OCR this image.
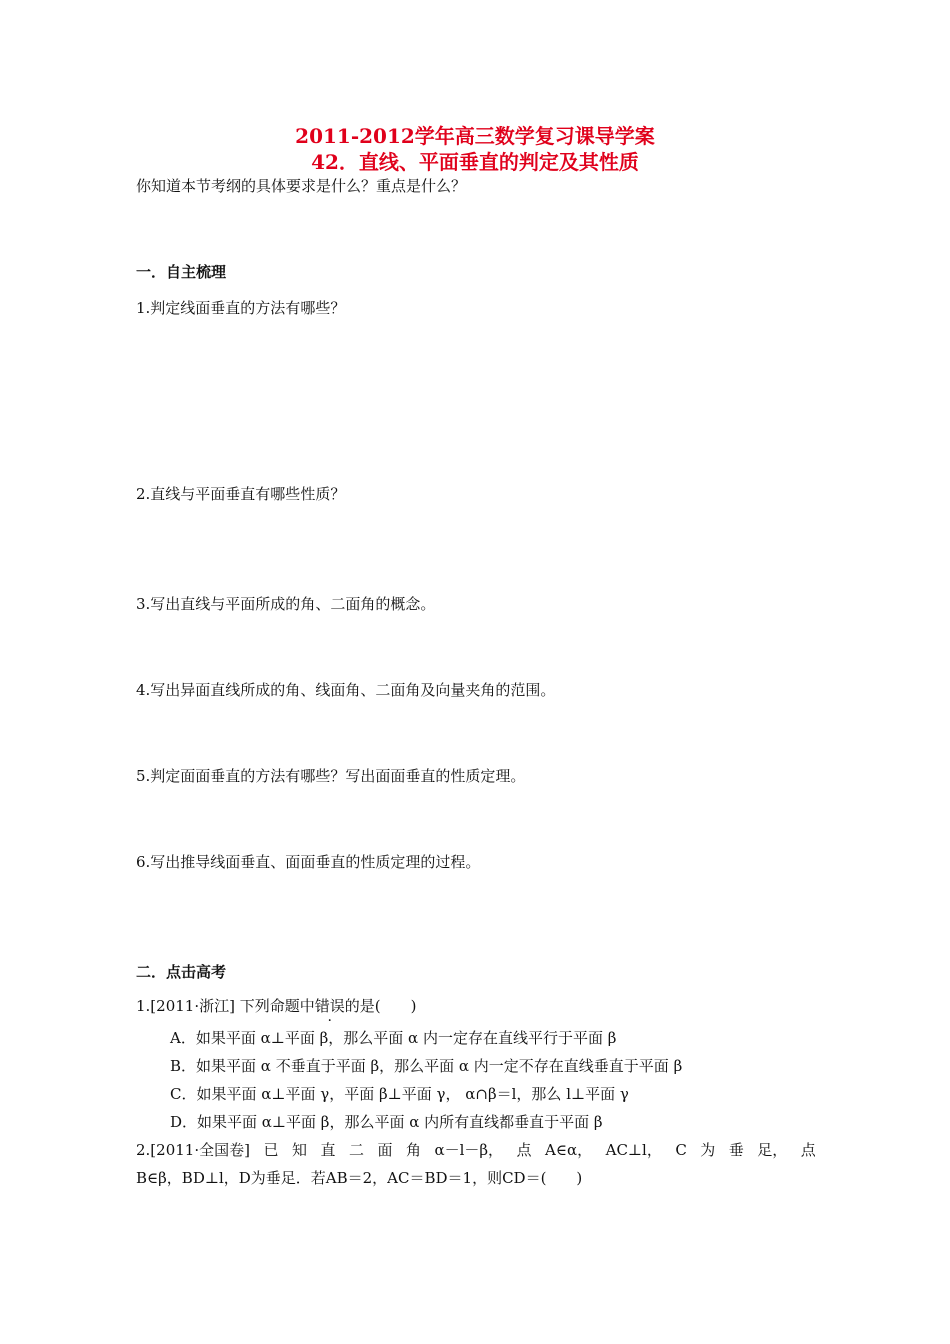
2011-2012学年高三数学复习课导学案
42．直线、平面垂直的判定及其性质
你知道本节考纲的具体要求是什么？重点是什么？
一．自主梳理
1.判定线面垂直的方法有哪些？
2.直线与平面垂直有哪些性质？
3.写出直线与平面所成的角、二面角的概念。
4.写出异面直线所成的角、线面角、二面角及向量夹角的范围。
5.判定面面垂直的方法有哪些？写出面面垂直的性质定理。
6.写出推导线面垂直、面面垂直的性质定理的过程。
二．点击高考
1.[2011·浙江] 下列命题中错误的是(　　)
A．如果平面 α⊥平面 β，那么平面 α 内一定存在直线平行于平面 β
B．如果平面 α 不垂直于平面 β，那么平面 α 内一定不存在直线垂直于平面 β
C．如果平面 α⊥平面 γ，平面 β⊥平面 γ， α∩β＝l，那么 l⊥平面 γ
D．如果平面 α⊥平面 β，那么平面 α 内所有直线都垂直于平面 β
2.[2011·全国卷] 已 知 直 二 面 角 α－l－β， 点 A∈α， AC⊥l， C 为 垂 足， 点
B∈β，BD⊥l，D为垂足．若AB＝2，AC＝BD＝1，则CD＝(　　)
